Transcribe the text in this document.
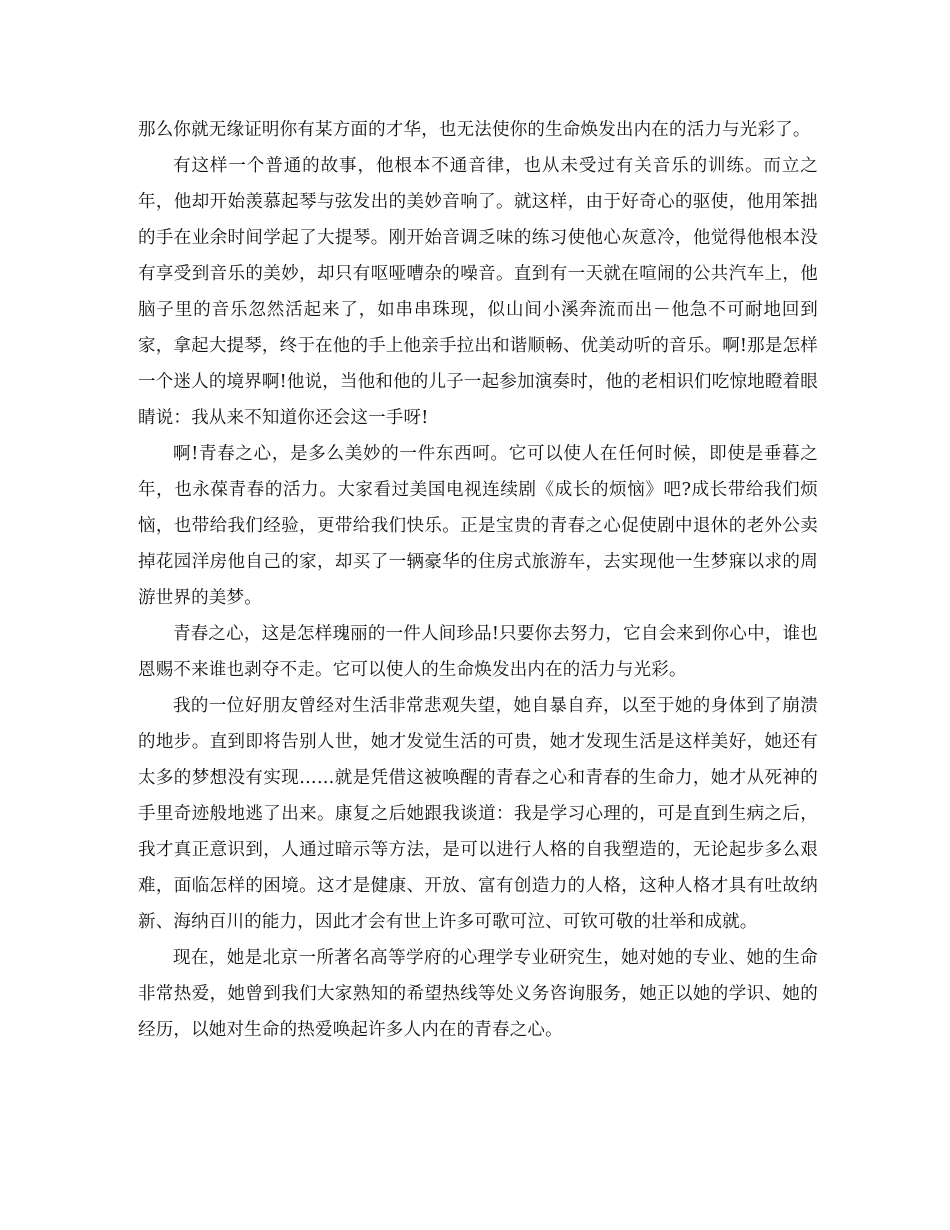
那么你就无缘证明你有某方面的才华，也无法使你的生命焕发出内在的活力与光彩了。

有这样一个普通的故事，他根本不通音律，也从未受过有关音乐的训练。而立之年，他却开始羡慕起琴与弦发出的美妙音响了。就这样，由于好奇心的驱使，他用笨拙的手在业余时间学起了大提琴。刚开始音调乏味的练习使他心灰意冷，他觉得他根本没有享受到音乐的美妙，却只有呕哑嘈杂的噪音。直到有一天就在喧闹的公共汽车上，他脑子里的音乐忽然活起来了，如串串珠现，似山间小溪奔流而出－他急不可耐地回到家，拿起大提琴，终于在他的手上他亲手拉出和谐顺畅、优美动听的音乐。啊!那是怎样一个迷人的境界啊!他说，当他和他的儿子一起参加演奏时，他的老相识们吃惊地瞪着眼睛说：我从来不知道你还会这一手呀!

啊!青春之心，是多么美妙的一件东西呵。它可以使人在任何时候，即使是垂暮之年，也永葆青春的活力。大家看过美国电视连续剧《成长的烦恼》吧?成长带给我们烦恼，也带给我们经验，更带给我们快乐。正是宝贵的青春之心促使剧中退休的老外公卖掉花园洋房他自己的家，却买了一辆豪华的住房式旅游车，去实现他一生梦寐以求的周游世界的美梦。

青春之心，这是怎样瑰丽的一件人间珍品!只要你去努力，它自会来到你心中，谁也恩赐不来谁也剥夺不走。它可以使人的生命焕发出内在的活力与光彩。

我的一位好朋友曾经对生活非常悲观失望，她自暴自弃，以至于她的身体到了崩溃的地步。直到即将告别人世，她才发觉生活的可贵，她才发现生活是这样美好，她还有太多的梦想没有实现……就是凭借这被唤醒的青春之心和青春的生命力，她才从死神的手里奇迹般地逃了出来。康复之后她跟我谈道：我是学习心理的，可是直到生病之后，我才真正意识到，人通过暗示等方法，是可以进行人格的自我塑造的，无论起步多么艰难，面临怎样的困境。这才是健康、开放、富有创造力的人格，这种人格才具有吐故纳新、海纳百川的能力，因此才会有世上许多可歌可泣、可钦可敬的壮举和成就。

现在，她是北京一所著名高等学府的心理学专业研究生，她对她的专业、她的生命非常热爱，她曾到我们大家熟知的希望热线等处义务咨询服务，她正以她的学识、她的经历，以她对生命的热爱唤起许多人内在的青春之心。
